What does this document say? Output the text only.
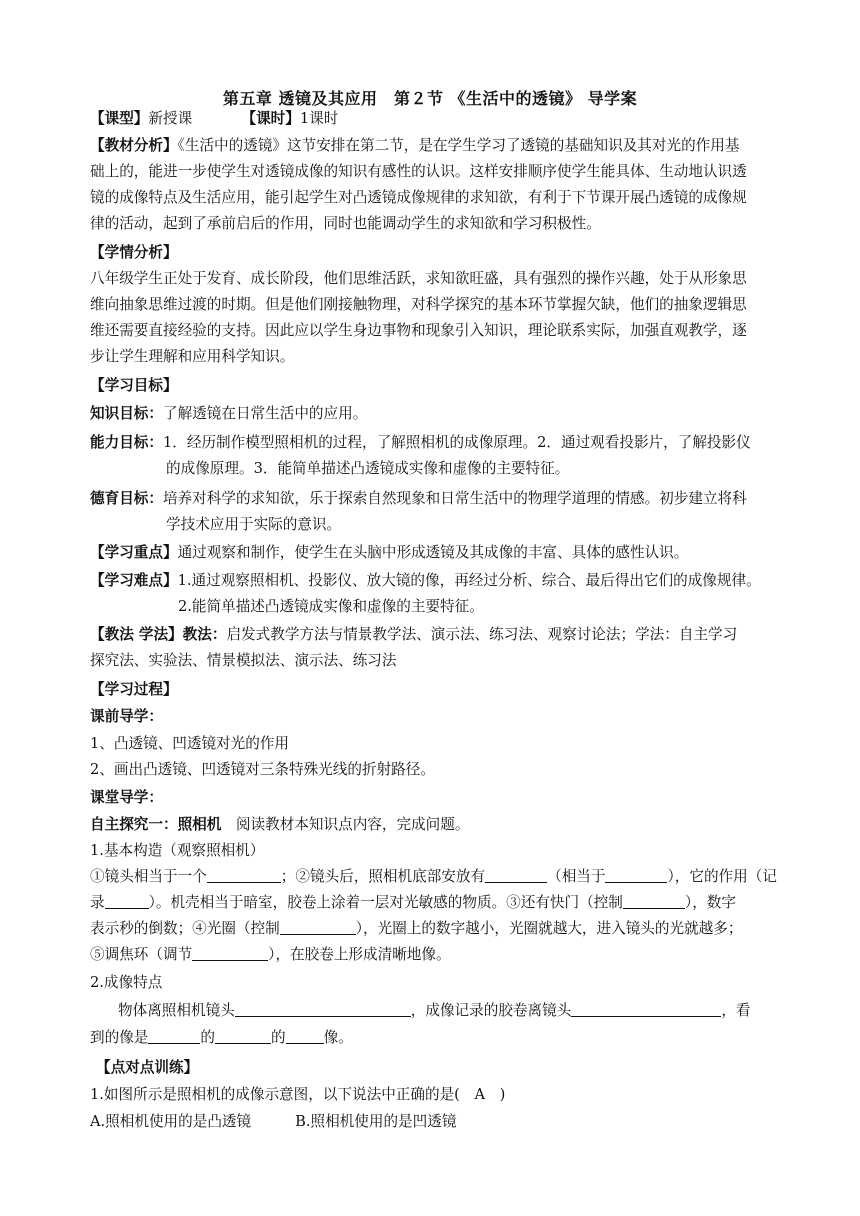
第五章 透镜及其应用　第２节 《生活中的透镜》 导学案
【课型】新授课	【课时】1课时
【教材分析】《生活中的透镜》这节安排在第二节，是在学生学习了透镜的基础知识及其对光的作用基
础上的，能进一步使学生对透镜成像的知识有感性的认识。这样安排顺序使学生能具体、生动地认识透
镜的成像特点及生活应用，能引起学生对凸透镜成像规律的求知欲，有利于下节课开展凸透镜的成像规
律的活动，起到了承前启后的作用，同时也能调动学生的求知欲和学习积极性。
【学情分析】
八年级学生正处于发育、成长阶段，他们思维活跃，求知欲旺盛，具有强烈的操作兴趣，处于从形象思
维向抽象思维过渡的时期。但是他们刚接触物理，对科学探究的基本环节掌握欠缺，他们的抽象逻辑思
维还需要直接经验的支持。因此应以学生身边事物和现象引入知识，理论联系实际，加强直观教学，逐
步让学生理解和应用科学知识。
【学习目标】
知识目标：了解透镜在日常生活中的应用。
能力目标：1．经历制作模型照相机的过程，了解照相机的成像原理。2．通过观看投影片，了解投影仪
的成像原理。3．能简单描述凸透镜成实像和虚像的主要特征。
德育目标：培养对科学的求知欲，乐于探索自然现象和日常生活中的物理学道理的情感。初步建立将科
学技术应用于实际的意识。
【学习重点】通过观察和制作，使学生在头脑中形成透镜及其成像的丰富、具体的感性认识。
【学习难点】1.通过观察照相机、投影仪、放大镜的像，再经过分析、综合、最后得出它们的成像规律。
2.能简单描述凸透镜成实像和虚像的主要特征。
【教法 学法】教法：启发式教学方法与情景教学法、演示法、练习法、观察讨论法；学法：自主学习
探究法、实验法、情景模拟法、演示法、练习法
【学习过程】
课前导学：
1、凸透镜、凹透镜对光的作用
2、画出凸透镜、凹透镜对三条特殊光线的折射路径。
课堂导学：
自主探究一：照相机　阅读教材本知识点内容，完成问题。
1.基本构造（观察照相机）
①镜头相当于一个	；②镜头后，照相机底部安放有	（相当于	），它的作用（记
录	）。机壳相当于暗室，胶卷上涂着一层对光敏感的物质。③还有快门（控制	），数字
表示秒的倒数；④光圈（控制	），光圈上的数字越小，光圈就越大，进入镜头的光就越多；
⑤调焦环（调节	），在胶卷上形成清晰地像。
2.成像特点
物体离照相机镜头	，成像记录的胶卷离镜头	，看
到的像是	的	的	像。
【点对点训练】
1.如图所示是照相机的成像示意图，以下说法中正确的是(　A　)
A.照相机使用的是凸透镜	B.照相机使用的是凹透镜
